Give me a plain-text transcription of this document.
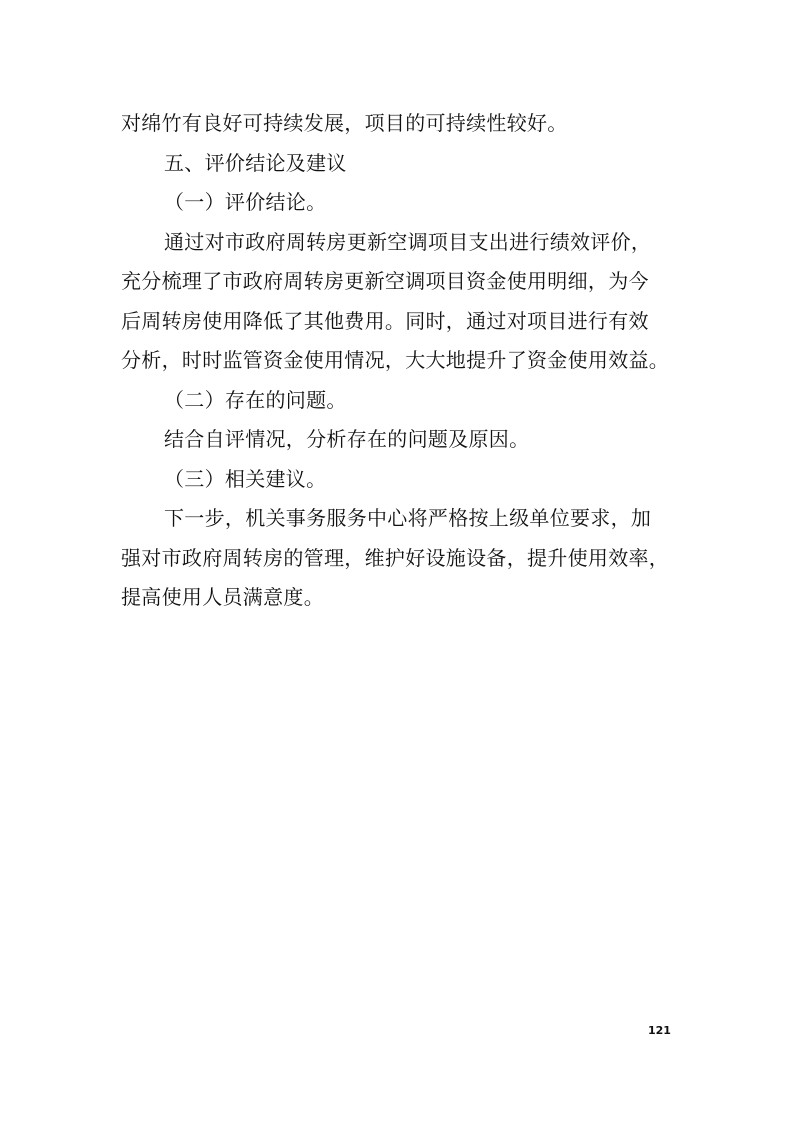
对绵竹有良好可持续发展，项目的可持续性较好。
五、评价结论及建议
（一）评价结论。
通过对市政府周转房更新空调项目支出进行绩效评价，
充分梳理了市政府周转房更新空调项目资金使用明细，为今
后周转房使用降低了其他费用。同时，通过对项目进行有效
分析，时时监管资金使用情况，大大地提升了资金使用效益。
（二）存在的问题。
结合自评情况，分析存在的问题及原因。
（三）相关建议。
下一步，机关事务服务中心将严格按上级单位要求，加
强对市政府周转房的管理，维护好设施设备，提升使用效率，
提高使用人员满意度。
121
